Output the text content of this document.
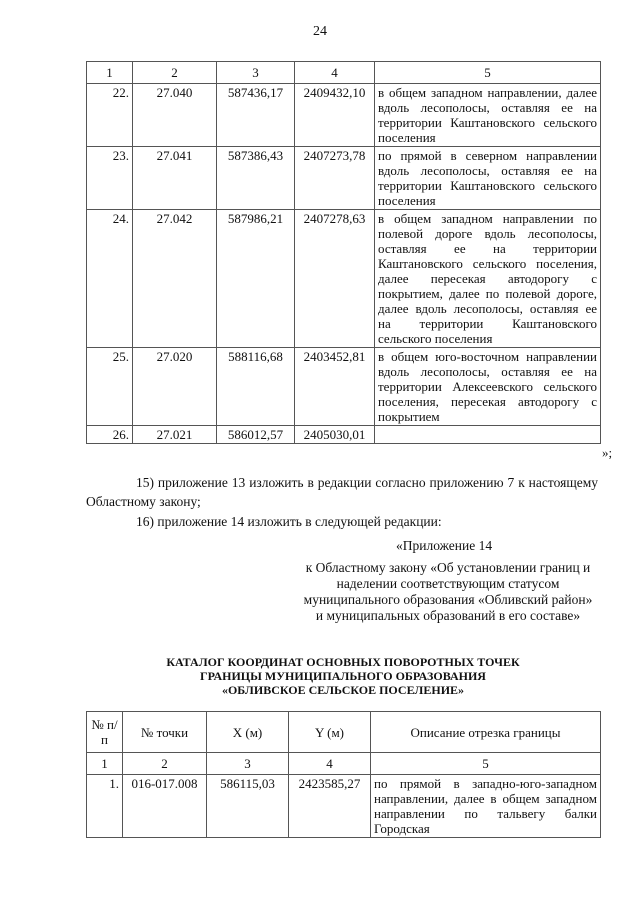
24
1	2	3	4	5
22.	27.040	587436,17	2409432,10	в общем западном направлении, далее вдоль лесополосы, оставляя ее на территории Каштановского сельского поселения
23.	27.041	587386,43	2407273,78	по прямой в северном направлении вдоль лесополосы, оставляя ее на территории Каштановского сельского поселения
24.	27.042	587986,21	2407278,63	в общем западном направлении по полевой дороге вдоль лесополосы, оставляя ее на территории Каштановского сельского поселения, далее пересекая автодорогу с покрытием, далее по полевой дороге, далее вдоль лесополосы, оставляя ее на территории Каштановского сельского поселения
25.	27.020	588116,68	2403452,81	в общем юго-восточном направлении вдоль лесополосы, оставляя ее на территории Алексеевского сельского поселения, пересекая автодорогу с покрытием
26.	27.021	586012,57	2405030,01	
»;
15) приложение 13 изложить в редакции согласно приложению 7 к настоящему Областному закону;
16) приложение 14 изложить в следующей редакции:
«Приложение 14
к Областному закону «Об установлении границ и наделении соответствующим статусом муниципального образования «Обливский район» и муниципальных образований в его составе»
КАТАЛОГ КООРДИНАТ ОСНОВНЫХ ПОВОРОТНЫХ ТОЧЕК
ГРАНИЦЫ МУНИЦИПАЛЬНОГО ОБРАЗОВАНИЯ
«ОБЛИВСКОЕ СЕЛЬСКОЕ ПОСЕЛЕНИЕ»
№ п/п	№ точки	X (м)	Y (м)	Описание отрезка границы
1	2	3	4	5
1.	016-017.008	586115,03	2423585,27	по прямой в западно-юго-западном направлении, далее в общем западном направлении по тальвегу балки Городская
